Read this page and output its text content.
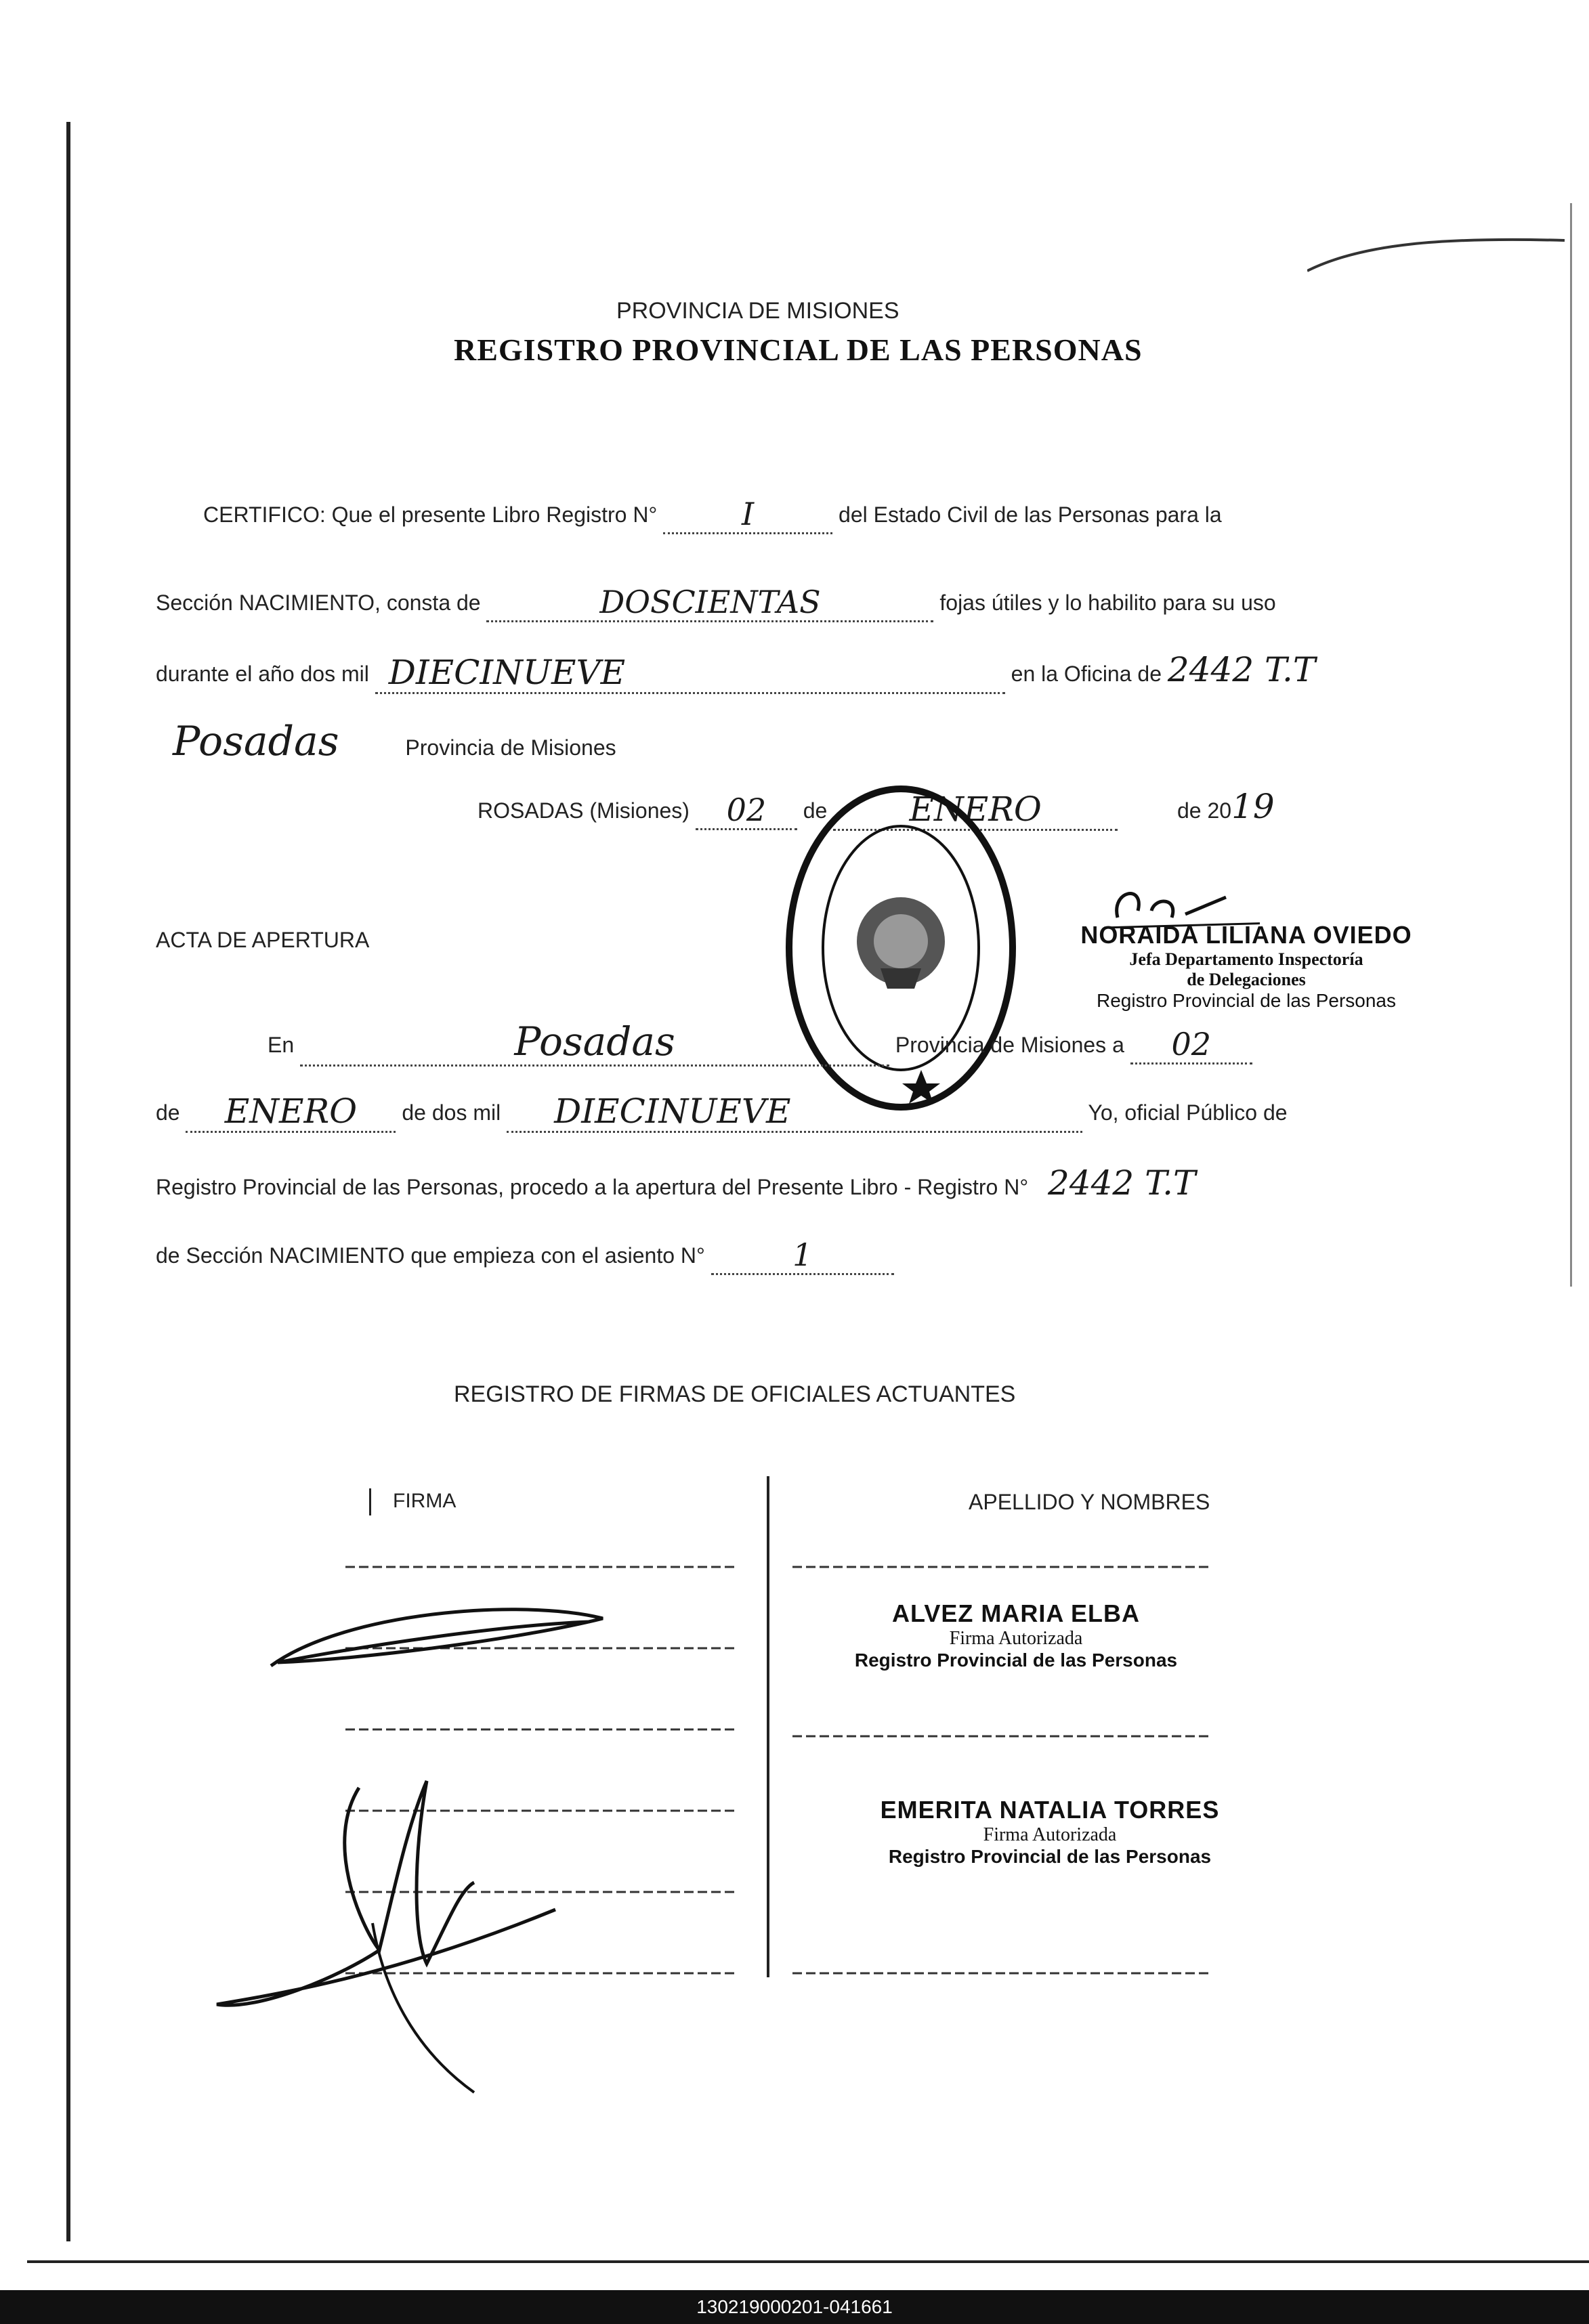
PROVINCIA DE MISIONES
REGISTRO PROVINCIAL DE LAS PERSONAS
CERTIFICO: Que el presente Libro Registro N°	I	del Estado Civil de las Personas para la
Sección NACIMIENTO, consta de	DOSCIENTAS	fojas útiles y lo habilito para su uso
durante el año dos mil DIECINUEVE	en la Oficina de 2442 T.T
Posadas	Provincia de Misiones
ROSADAS (Misiones) 02 de ENERO	de 2019
NORAIDA LILIANA OVIEDO
Jefa Departamento Inspectoría
de Delegaciones
Registro Provincial de las Personas
ACTA DE APERTURA
En	Posadas	Provincia de Misiones a 02
de ENERO de dos mil DIECINUEVE	Yo, oficial Público de
Registro Provincial de las Personas, procedo a la apertura del Presente Libro - Registro N° 2442 T.T
de Sección NACIMIENTO que empieza con el asiento N°	1
REGISTRO DE FIRMAS DE OFICIALES ACTUANTES
FIRMA	APELLIDO Y NOMBRES
ALVEZ MARIA ELBA
Firma Autorizada
Registro Provincial de las Personas
EMERITA NATALIA TORRES
Firma Autorizada
Registro Provincial de las Personas
130219000201-041661
